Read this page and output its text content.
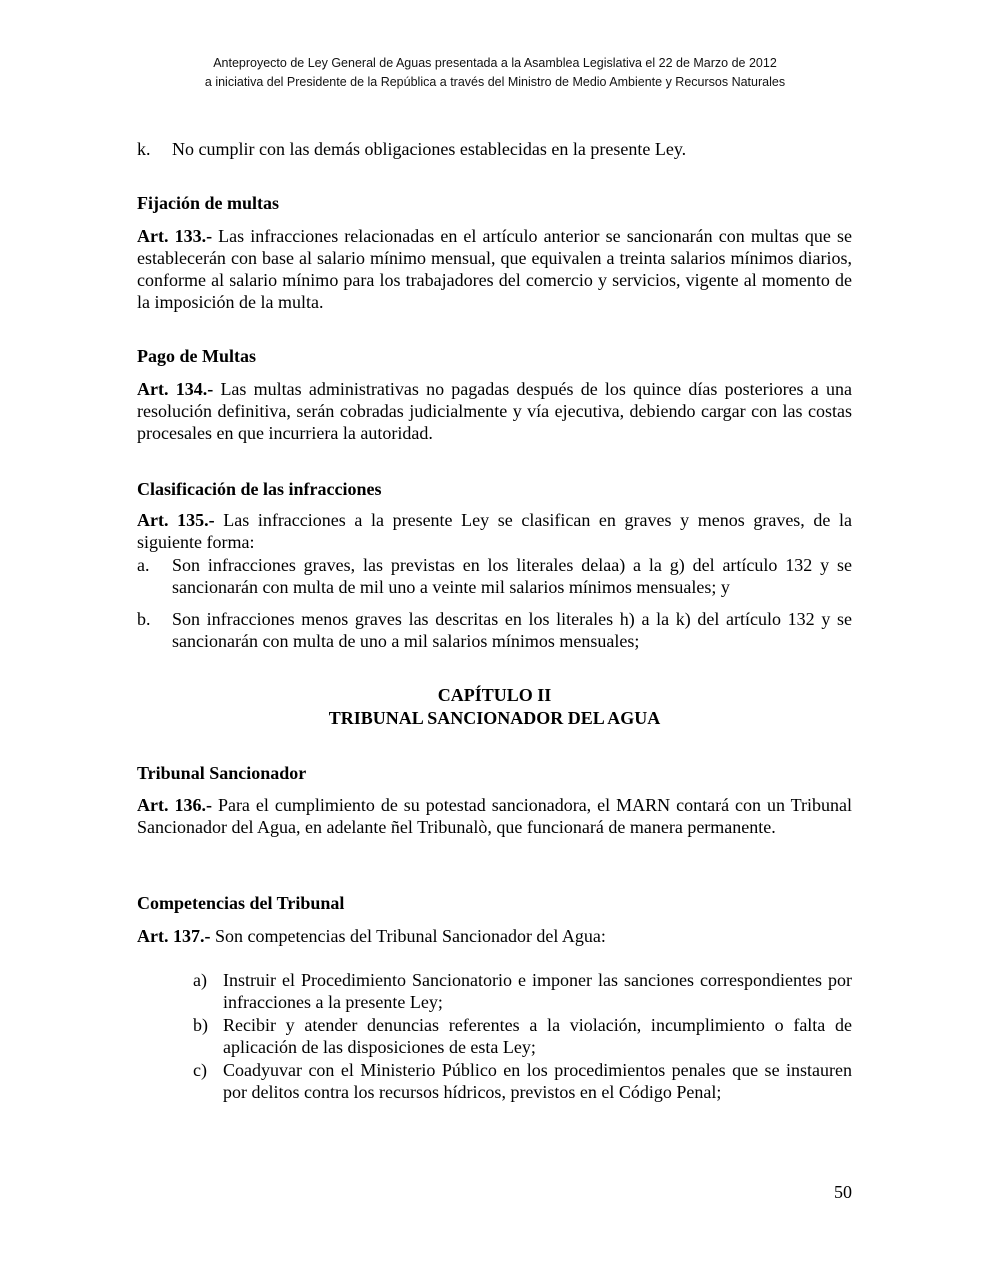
Anteproyecto de Ley General de Aguas presentada a la Asamblea Legislativa el 22 de Marzo de 2012
a iniciativa del Presidente de la República a través del Ministro de Medio Ambiente y Recursos Naturales
k. No cumplir con las demás obligaciones establecidas en la presente Ley.
Fijación de multas
Art. 133.- Las infracciones relacionadas en el artículo anterior se sancionarán con multas que se establecerán con base al salario mínimo mensual, que equivalen a treinta salarios mínimos diarios, conforme al salario mínimo para los trabajadores del comercio y servicios, vigente al momento de la imposición de la multa.
Pago de Multas
Art. 134.- Las multas administrativas no pagadas después de los quince días posteriores a una resolución definitiva, serán cobradas judicialmente y vía ejecutiva, debiendo cargar con las costas procesales en que incurriera la autoridad.
Clasificación de las infracciones
Art. 135.- Las infracciones a la presente Ley se clasifican en graves y menos graves, de la siguiente forma:
a. Son infracciones graves, las previstas en los literales delaa) a la g) del artículo 132 y se sancionarán con multa de mil uno a veinte mil salarios mínimos mensuales; y
b. Son infracciones menos graves las descritas en los literales h) a la k) del artículo 132 y se sancionarán con multa de uno a mil salarios mínimos mensuales;
CAPÍTULO II
TRIBUNAL SANCIONADOR DEL AGUA
Tribunal Sancionador
Art. 136.- Para el cumplimiento de su potestad sancionadora, el MARN contará con un Tribunal Sancionador del Agua, en adelante ñel Tribunalò, que funcionará de manera permanente.
Competencias del Tribunal
Art. 137.- Son competencias del Tribunal Sancionador del Agua:
a) Instruir el Procedimiento Sancionatorio e imponer las sanciones correspondientes por infracciones a la presente Ley;
b) Recibir y atender denuncias referentes a la violación, incumplimiento o falta de aplicación de las disposiciones de esta Ley;
c) Coadyuvar con el Ministerio Público en los procedimientos penales que se instauren por delitos contra los recursos hídricos, previstos en el Código Penal;
50
